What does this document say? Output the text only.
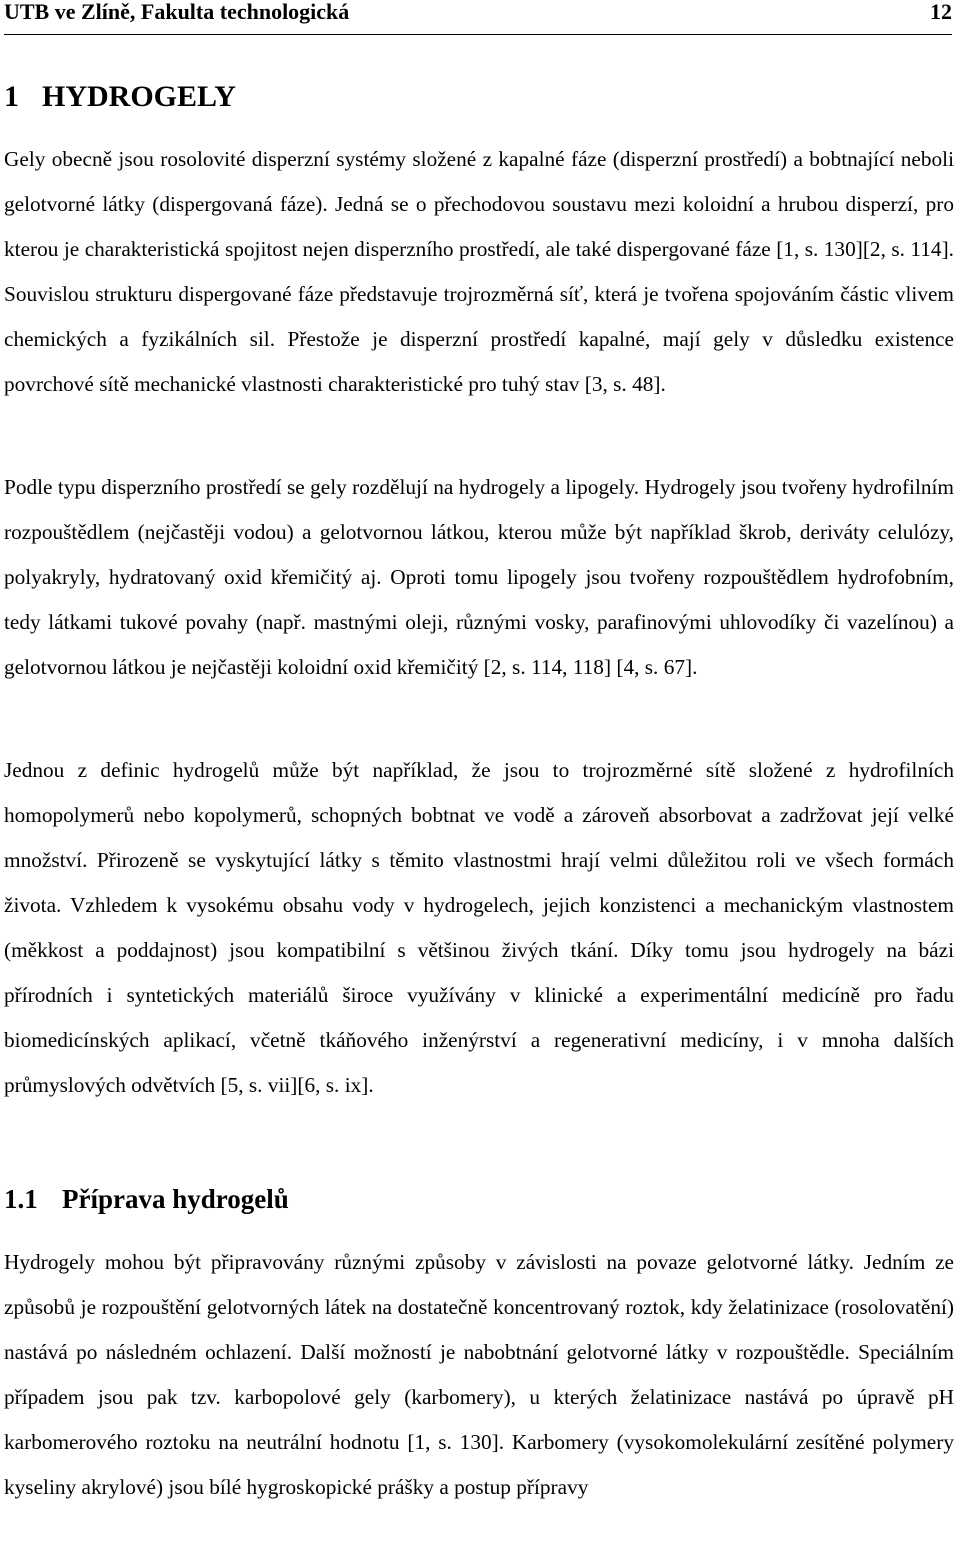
UTB ve Zlíně, Fakulta technologická	12
1 HYDROGELY

Gely obecně jsou rosolovité disperzní systémy složené z kapalné fáze (disperzní prostředí) a bobtnající neboli gelotvorné látky (dispergovaná fáze). Jedná se o přechodovou soustavu mezi koloidní a hrubou disperzí, pro kterou je charakteristická spojitost nejen disperzního prostředí, ale také dispergované fáze [1, s. 130][2, s. 114]. Souvislou strukturu dispergované fáze představuje trojrozměrná síť, která je tvořena spojováním částic vlivem chemických a fyzikálních sil. Přestože je disperzní prostředí kapalné, mají gely v důsledku existence povrchové sítě mechanické vlastnosti charakteristické pro tuhý stav [3, s. 48].

Podle typu disperzního prostředí se gely rozdělují na hydrogely a lipogely. Hydrogely jsou tvořeny hydrofilním rozpouštědlem (nejčastěji vodou) a gelotvornou látkou, kterou může být například škrob, deriváty celulózy, polyakryly, hydratovaný oxid křemičitý aj. Oproti tomu lipogely jsou tvořeny rozpouštědlem hydrofobním, tedy látkami tukové povahy (např. mastnými oleji, různými vosky, parafinovými uhlovodíky či vazelínou) a gelotvornou látkou je nejčastěji koloidní oxid křemičitý [2, s. 114, 118] [4, s. 67].

Jednou z definic hydrogelů může být například, že jsou to trojrozměrné sítě složené z hydrofilních homopolymerů nebo kopolymerů, schopných bobtnat ve vodě a zároveň absorbovat a zadržovat její velké množství. Přirozeně se vyskytující látky s těmito vlastnostmi hrají velmi důležitou roli ve všech formách života. Vzhledem k vysokému obsahu vody v hydrogelech, jejich konzistenci a mechanickým vlastnostem (měkkost a poddajnost) jsou kompatibilní s většinou živých tkání. Díky tomu jsou hydrogely na bázi přírodních i syntetických materiálů široce využívány v klinické a experimentální medicíně pro řadu biomedicínských aplikací, včetně tkáňového inženýrství a regenerativní medicíny, i v mnoha dalších průmyslových odvětvích [5, s. vii][6, s. ix].

1.1 Příprava hydrogelů

Hydrogely mohou být připravovány různými způsoby v závislosti na povaze gelotvorné látky. Jedním ze způsobů je rozpouštění gelotvorných látek na dostatečně koncentrovaný roztok, kdy želatinizace (rosolovatění) nastává po následném ochlazení. Další možností je nabobtnání gelotvorné látky v rozpouštědle. Speciálním případem jsou pak tzv. karbopolové gely (karbomery), u kterých želatinizace nastává po úpravě pH karbomerového roztoku na neutrální hodnotu [1, s. 130]. Karbomery (vysokomolekulární zesítěné polymery kyseliny akrylové) jsou bílé hygroskopické prášky a postup přípravy
